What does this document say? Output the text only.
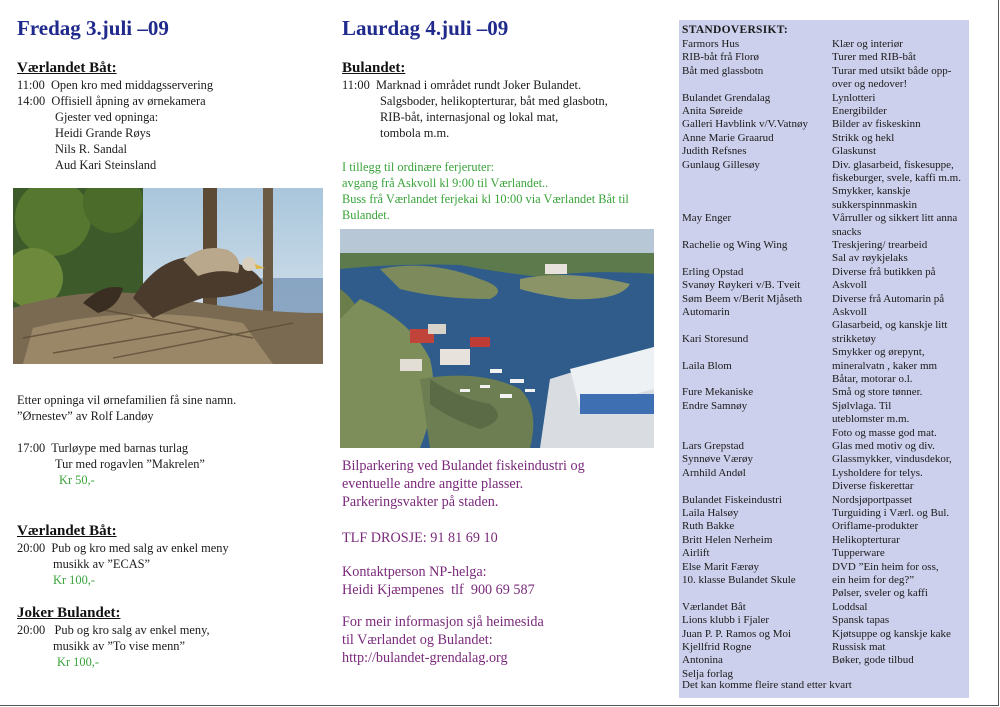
Fredag 3.juli –09
Værlandet Båt:
11:00  Open kro med middagsservering
14:00  Offisiell åpning av ørnekamera
Gjester ved opninga:
Heidi Grande Røys
Nils R. Sandal
Aud Kari Steinsland
Etter opninga vil ørnefamilien få sine namn.
”Ørnestev” av Rolf Landøy
17:00  Turløype med barnas turlag
Tur med rogavlen ”Makrelen”
Kr 50,-
Værlandet Båt:
20:00  Pub og kro med salg av enkel meny
musikk av ”ECAS”
Kr 100,-
Joker Bulandet:
20:00   Pub og kro salg av enkel meny,
musikk av ”To vise menn”
Kr 100,-
Laurdag 4.juli –09
Bulandet:
11:00  Marknad i området rundt Joker Bulandet.
Salgsboder, helikopterturar, båt med glasbotn,
RIB-båt, internasjonal og lokal mat,
tombola m.m.
I tillegg til ordinære ferjeruter:
avgang frå Askvoll kl 9:00 til Værlandet..
Buss frå Værlandet ferjekai kl 10:00 via Værlandet Båt til
Bulandet.
Bilparkering ved Bulandet fiskeindustri og
eventuelle andre angitte plasser.
Parkeringsvakter på staden.
TLF DROSJE: 91 81 69 10
Kontaktperson NP-helga:
Heidi Kjæmpenes  tlf  900 69 587
For meir informasjon sjå heimesida
til Værlandet og Bulandet:
http://bulandet-grendalag.org
STANDOVERSIKT:
Farmors Hus
RIB-båt frå Florø
Båt med glassbotn
Bulandet Grendalag
Anita Søreide
Galleri Havblink v/V.Vatnøy
Anne Marie Graarud
Judith Refsnes
Gunlaug Gillesøy
May Enger
Rachelie og Wing Wing
Erling Opstad
Svanøy Røykeri v/B. Tveit
Søm Beem v/Berit Mjåseth
Automarin
Kari Storesund
Laila Blom
Fure Mekaniske
Endre Samnøy
Lars Grepstad
Synnøve Værøy
Arnhild Andøl
Bulandet Fiskeindustri
Laila Halsøy
Ruth Bakke
Britt Helen Nerheim
Airlift
Else Marit Færøy
10. klasse Bulandet Skule
Værlandet Båt
Lions klubb i Fjaler
Juan P. P. Ramos og Moi
Kjellfrid Rogne
Antonina
Selja forlag
Klær og interiør
Turer med RIB-båt
Turar med utsikt både opp-
over og nedover!
Lynlotteri
Energibilder
Bilder av fiskeskinn
Strikk og hekl
Glaskunst
Div. glasarbeid, fiskesuppe,
fiskeburger, svele, kaffi m.m.
Smykker, kanskje
sukkerspinnmaskin
Vårruller og sikkert litt anna
snacks
Treskjering/ trearbeid
Sal av røykjelaks
Diverse frå butikken på
Askvoll
Diverse frå Automarin på
Askvoll
Glasarbeid, og kanskje litt
strikketøy
Smykker og ørepynt,
mineralvatn , kaker mm
Båtar, motorar o.l.
Små og store tønner.
Sjølvlaga. Til
uteblomster m.m.
Foto og masse god mat.
Glas med motiv og div.
Glassmykker, vindusdekor,
Lysholdere for telys.
Diverse fiskerettar
Nordsjøportpasset
Turguiding i Værl. og Bul.
Oriflame-produkter
Helikopterturar
Tupperware
DVD ”Ein heim for oss,
ein heim for deg?”
Pølser, sveler og kaffi
Loddsal
Spansk tapas
Kjøtsuppe og kanskje kake
Russisk mat
Bøker, gode tilbud
Det kan komme fleire stand etter kvart
